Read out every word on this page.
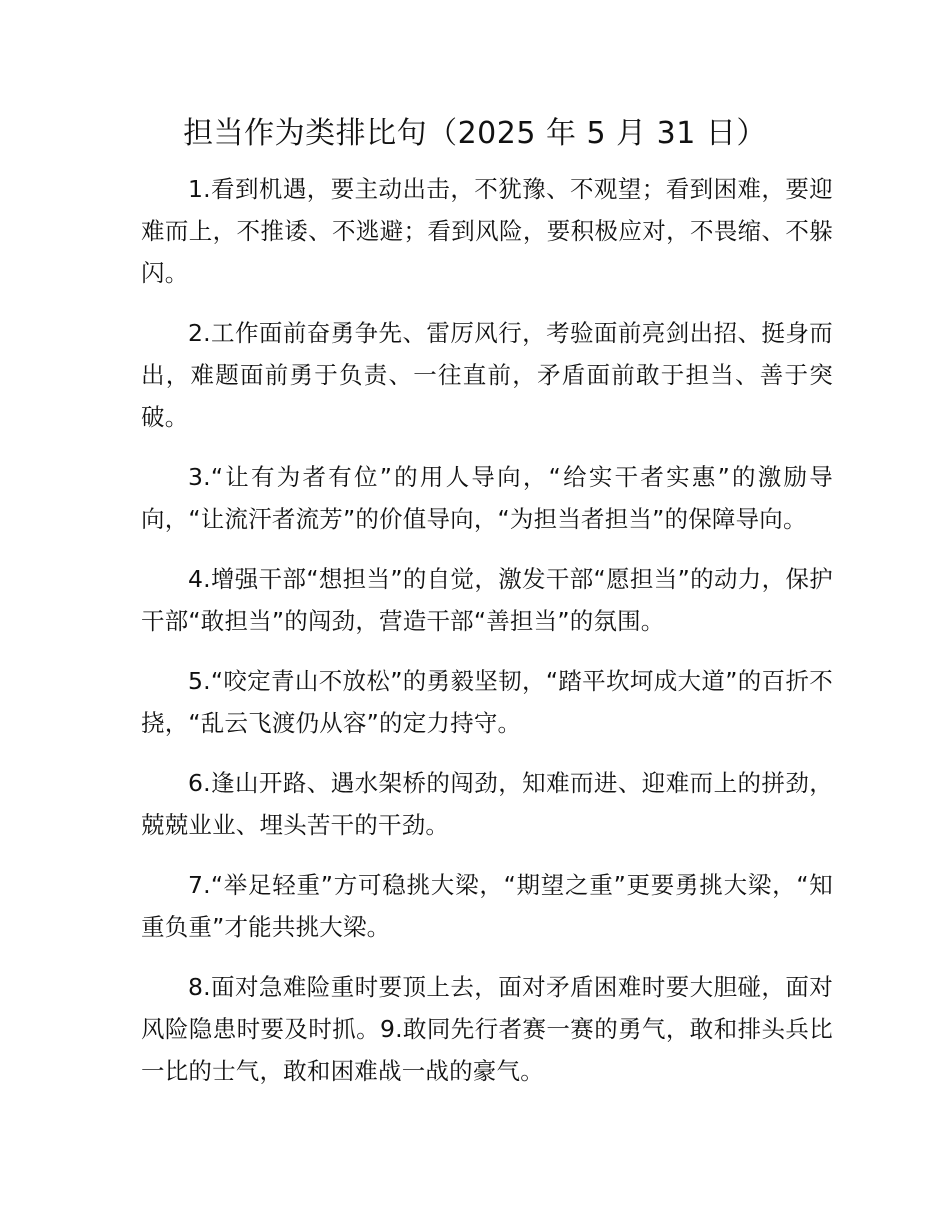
担当作为类排比句（2025 年 5 月 31 日）

1.看到机遇，要主动出击，不犹豫、不观望；看到困难，要迎难而上，不推诿、不逃避；看到风险，要积极应对，不畏缩、不躲闪。

2.工作面前奋勇争先、雷厉风行，考验面前亮剑出招、挺身而出，难题面前勇于负责、一往直前，矛盾面前敢于担当、善于突破。

3.“让有为者有位”的用人导向，“给实干者实惠”的激励导向，“让流汗者流芳”的价值导向，“为担当者担当”的保障导向。

4.增强干部“想担当”的自觉，激发干部“愿担当”的动力，保护干部“敢担当”的闯劲，营造干部“善担当”的氛围。

5.“咬定青山不放松”的勇毅坚韧，“踏平坎坷成大道”的百折不挠，“乱云飞渡仍从容”的定力持守。

6.逢山开路、遇水架桥的闯劲，知难而进、迎难而上的拼劲，兢兢业业、埋头苦干的干劲。

7.“举足轻重”方可稳挑大梁，“期望之重”更要勇挑大梁，“知重负重”才能共挑大梁。

8.面对急难险重时要顶上去，面对矛盾困难时要大胆碰，面对风险隐患时要及时抓。9.敢同先行者赛一赛的勇气，敢和排头兵比一比的士气，敢和困难战一战的豪气。
